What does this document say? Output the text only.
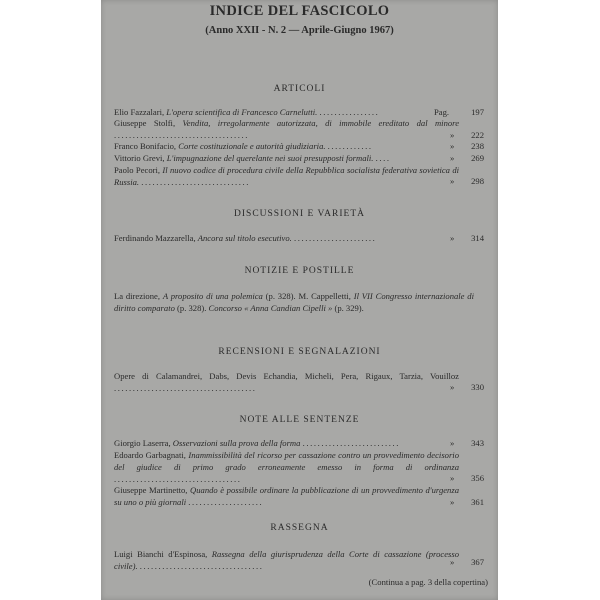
INDICE DEL FASCICOLO
(Anno XXII - N. 2 — Aprile-Giugno 1967)
ARTICOLI
Elio Fazzalari, L'opera scientifica di Francesco Carnelutti. ................	Pag.	197
Giuseppe Stolfi, Vendita, irregolarmente autorizzata, di immobile ereditato dal minore ....................................	» 222
Franco Bonifacio, Corte costituzionale e autorità giudiziaria. ............	» 238
Vittorio Grevi, L'impugnazione del querelante nei suoi presupposti formali. ....	» 269
Paolo Pecori, Il nuovo codice di procedura civile della Repubblica socialista federativa sovietica di Russia. .............................	» 298
DISCUSSIONI E VARIETÀ
Ferdinando Mazzarella, Ancora sul titolo esecutivo. ......................	» 314
NOTIZIE E POSTILLE
La direzione, A proposito di una polemica (p. 328). M. Cappelletti, Il VII Congresso internazionale di diritto comparato (p. 328). Concorso « Anna Candian Cipelli » (p. 329).
RECENSIONI E SEGNALAZIONI
Opere di Calamandrei, Dabs, Devis Echandia, Micheli, Pera, Rigaux, Tarzia, Vouilloz ......................................	» 330
NOTE ALLE SENTENZE
Giorgio Laserra, Osservazioni sulla prova della forma ..........................	» 343
Edoardo Garbagnati, Inammissibilità del ricorso per cassazione contro un provvedimento decisorio del giudice di primo grado erroneamente emesso in forma di ordinanza ..................................	» 356
Giuseppe Martinetto, Quando è possibile ordinare la pubblicazione di un provvedimento d'urgenza su uno o più giornali ....................	» 361
RASSEGNA
Luigi Bianchi d'Espinosa, Rassegna della giurisprudenza della Corte di cassazione (processo civile). .................................	» 367
(Continua a pag. 3 della copertina)
